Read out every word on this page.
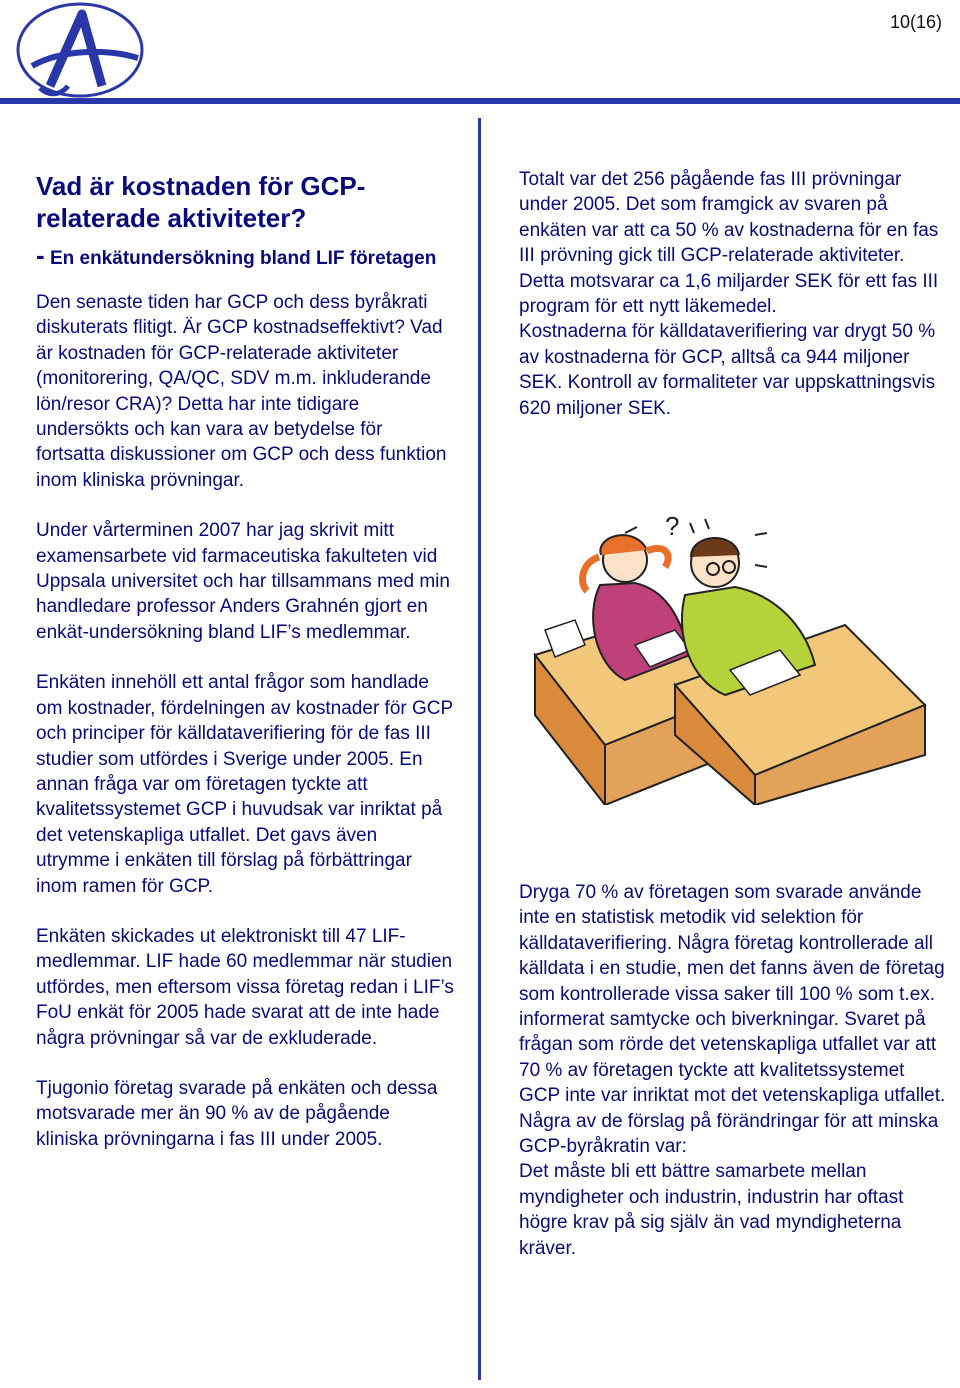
10(16)
Vad är kostnaden för GCP-relaterade aktiviteter?
- En enkätundersökning bland LIF företagen

Den senaste tiden har GCP och dess byråkrati diskuterats flitigt. Är GCP kostnadseffektivt? Vad är kostnaden för GCP-relaterade aktiviteter (monitorering, QA/QC, SDV m.m. inkluderande lön/resor CRA)? Detta har inte tidigare undersökts och kan vara av betydelse för fortsatta diskussioner om GCP och dess funktion inom kliniska prövningar.

Under vårterminen 2007 har jag skrivit mitt examensarbete vid farmaceutiska fakulteten vid Uppsala universitet och har tillsammans med min handledare professor Anders Grahnén gjort en enkät-undersökning bland LIF’s medlemmar.

Enkäten innehöll ett antal frågor som handlade om kostnader, fördelningen av kostnader för GCP och principer för källdataverifiering för de fas III studier som utfördes i Sverige under 2005. En annan fråga var om företagen tyckte att kvalitetssystemet GCP i huvudsak var inriktat på det vetenskapliga utfallet. Det gavs även utrymme i enkäten till förslag på förbättringar inom ramen för GCP.

Enkäten skickades ut elektroniskt till 47 LIF-medlemmar. LIF hade 60 medlemmar när studien utfördes, men eftersom vissa företag redan i LIF’s FoU enkät för 2005 hade svarat att de inte hade några prövningar så var de exkluderade.

Tjugonio företag svarade på enkäten och dessa motsvarade mer än 90 % av de pågående kliniska prövningarna i fas III under 2005.

Totalt var det 256 pågående fas III prövningar under 2005. Det som framgick av svaren på enkäten var att ca 50 % av kostnaderna för en fas III prövning gick till GCP-relaterade aktiviteter.

Detta motsvarar ca 1,6 miljarder SEK för ett fas III program för ett nytt läkemedel.

Kostnaderna för källdataverifiering var drygt 50 % av kostnaderna för GCP, alltså ca 944 miljoner SEK. Kontroll av formaliteter var uppskattningsvis 620 miljoner SEK.

?

Dryga 70 % av företagen som svarade använde inte en statistisk metodik vid selektion för källdataverifiering. Några företag kontrollerade all källdata i en studie, men det fanns även de företag som kontrollerade vissa saker till 100 % som t.ex. informerat samtycke och biverkningar. Svaret på frågan som rörde det vetenskapliga utfallet var att 70 % av företagen tyckte att kvalitetssystemet GCP inte var inriktat mot det vetenskapliga utfallet.

Några av de förslag på förändringar för att minska GCP-byråkratin var:

Det måste bli ett bättre samarbete mellan myndigheter och industrin, industrin har oftast högre krav på sig själv än vad myndigheterna kräver.
